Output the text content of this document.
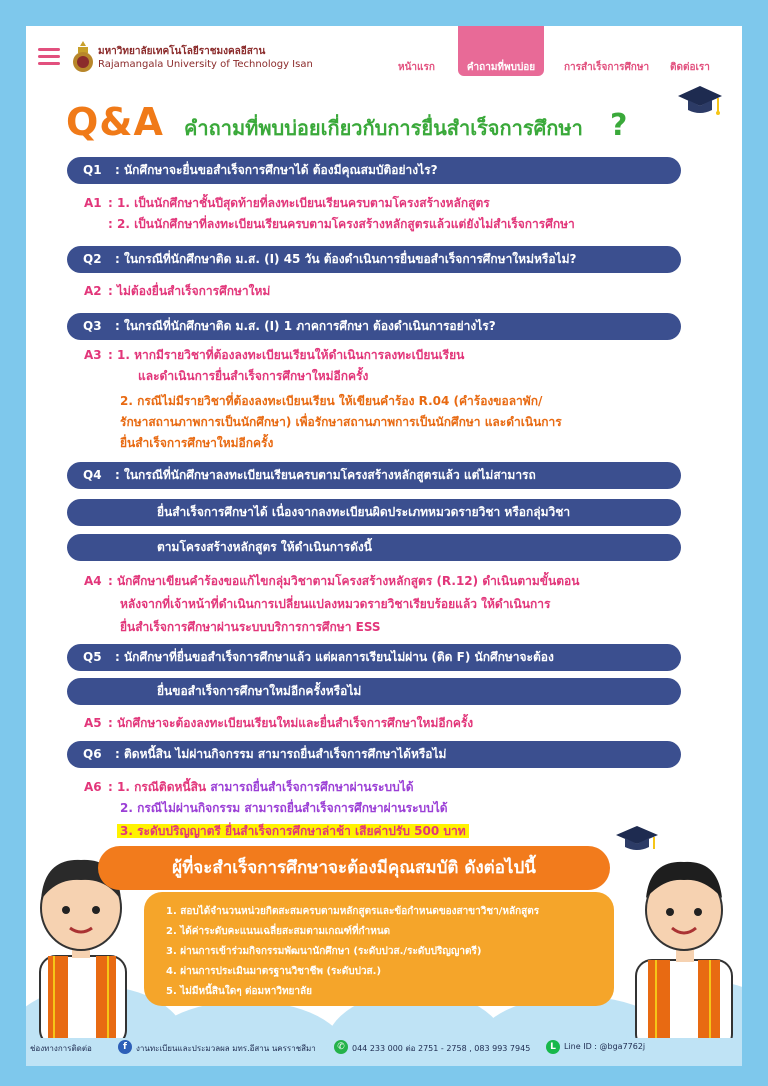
มหาวิทยาลัยเทคโนโลยีราชมงคลอีสาน
Rajamangala University of Technology Isan	หน้าแรก	คำถามที่พบบ่อย	การสำเร็จการศึกษา ติดต่อเรา
Q&A คำถามที่พบบ่อยเกี่ยวกับการยื่นสำเร็จการศึกษา ?
Q1 : นักศึกษาจะยื่นขอสำเร็จการศึกษาได้ ต้องมีคุณสมบัติอย่างไร?
A1 : 1. เป็นนักศึกษาชั้นปีสุดท้ายที่ลงทะเบียนเรียนครบตามโครงสร้างหลักสูตร
: 2. เป็นนักศึกษาที่ลงทะเบียนเรียนครบตามโครงสร้างหลักสูตรแล้วแต่ยังไม่สำเร็จการศึกษา
Q2 : ในกรณีที่นักศึกษาติด ม.ส. (I) 45 วัน ต้องดำเนินการยื่นขอสำเร็จการศึกษาใหม่หรือไม่?
A2 : ไม่ต้องยื่นสำเร็จการศึกษาใหม่
Q3 : ในกรณีที่นักศึกษาติด ม.ส. (I) 1 ภาคการศึกษา ต้องดำเนินการอย่างไร?
A3 : 1. หากมีรายวิชาที่ต้องลงทะเบียนเรียนให้ดำเนินการลงทะเบียนเรียน
และดำเนินการยื่นสำเร็จการศึกษาใหม่อีกครั้ง
2. กรณีไม่มีรายวิชาที่ต้องลงทะเบียนเรียน ให้เขียนคำร้อง R.04 (คำร้องขอลาพัก/
รักษาสถานภาพการเป็นนักศึกษา) เพื่อรักษาสถานภาพการเป็นนักศึกษา และดำเนินการ
ยื่นสำเร็จการศึกษาใหม่อีกครั้ง
Q4 : ในกรณีที่นักศึกษาลงทะเบียนเรียนครบตามโครงสร้างหลักสูตรแล้ว แต่ไม่สามารถ
ยื่นสำเร็จการศึกษาได้ เนื่องจากลงทะเบียนผิดประเภทหมวดรายวิชา หรือกลุ่มวิชา
ตามโครงสร้างหลักสูตร ให้ดำเนินการดังนี้
A4 : นักศึกษาเขียนคำร้องขอแก้ไขกลุ่มวิชาตามโครงสร้างหลักสูตร (R.12) ดำเนินตามขั้นตอน
หลังจากที่เจ้าหน้าที่ดำเนินการเปลี่ยนแปลงหมวดรายวิชาเรียบร้อยแล้ว ให้ดำเนินการ
ยื่นสำเร็จการศึกษาผ่านระบบบริการการศึกษา ESS
Q5 : นักศึกษาที่ยื่นขอสำเร็จการศึกษาแล้ว แต่ผลการเรียนไม่ผ่าน (ติด F) นักศึกษาจะต้อง
ยื่นขอสำเร็จการศึกษาใหม่อีกครั้งหรือไม่
A5 : นักศึกษาจะต้องลงทะเบียนเรียนใหม่และยื่นสำเร็จการศึกษาใหม่อีกครั้ง
Q6 : ติดหนี้สิน ไม่ผ่านกิจกรรม สามารถยื่นสำเร็จการศึกษาได้หรือไม่
A6 : 1. กรณีติดหนี้สิน สามารถยื่นสำเร็จการศึกษาผ่านระบบได้
2. กรณีไม่ผ่านกิจกรรม สามารถยื่นสำเร็จการศึกษาผ่านระบบได้
3. ระดับปริญญาตรี ยื่นสำเร็จการศึกษาล่าช้า เสียค่าปรับ 500 บาท
ผู้ที่จะสำเร็จการศึกษาจะต้องมีคุณสมบัติ ดังต่อไปนี้
1. สอบได้จำนวนหน่วยกิตสะสมครบตามหลักสูตรและข้อกำหนดของสาขาวิชา/หลักสูตร
2. ได้ค่าระดับคะแนนเฉลี่ยสะสมตามเกณฑ์ที่กำหนด
3. ผ่านการเข้าร่วมกิจกรรมพัฒนานักศึกษา (ระดับปวส./ระดับปริญญาตรี)
4. ผ่านการประเมินมาตรฐานวิชาชีพ (ระดับปวส.)
5. ไม่มีหนี้สินใดๆ ต่อมหาวิทยาลัย
ช่องทางการติดต่อ	f	งานทะเบียนและประมวลผล มทร.อีสาน นครราชสีมา	✆ 044 233 000 ต่อ 2751 - 2758 , 083 993 7945	L	Line ID : @bga7762j
